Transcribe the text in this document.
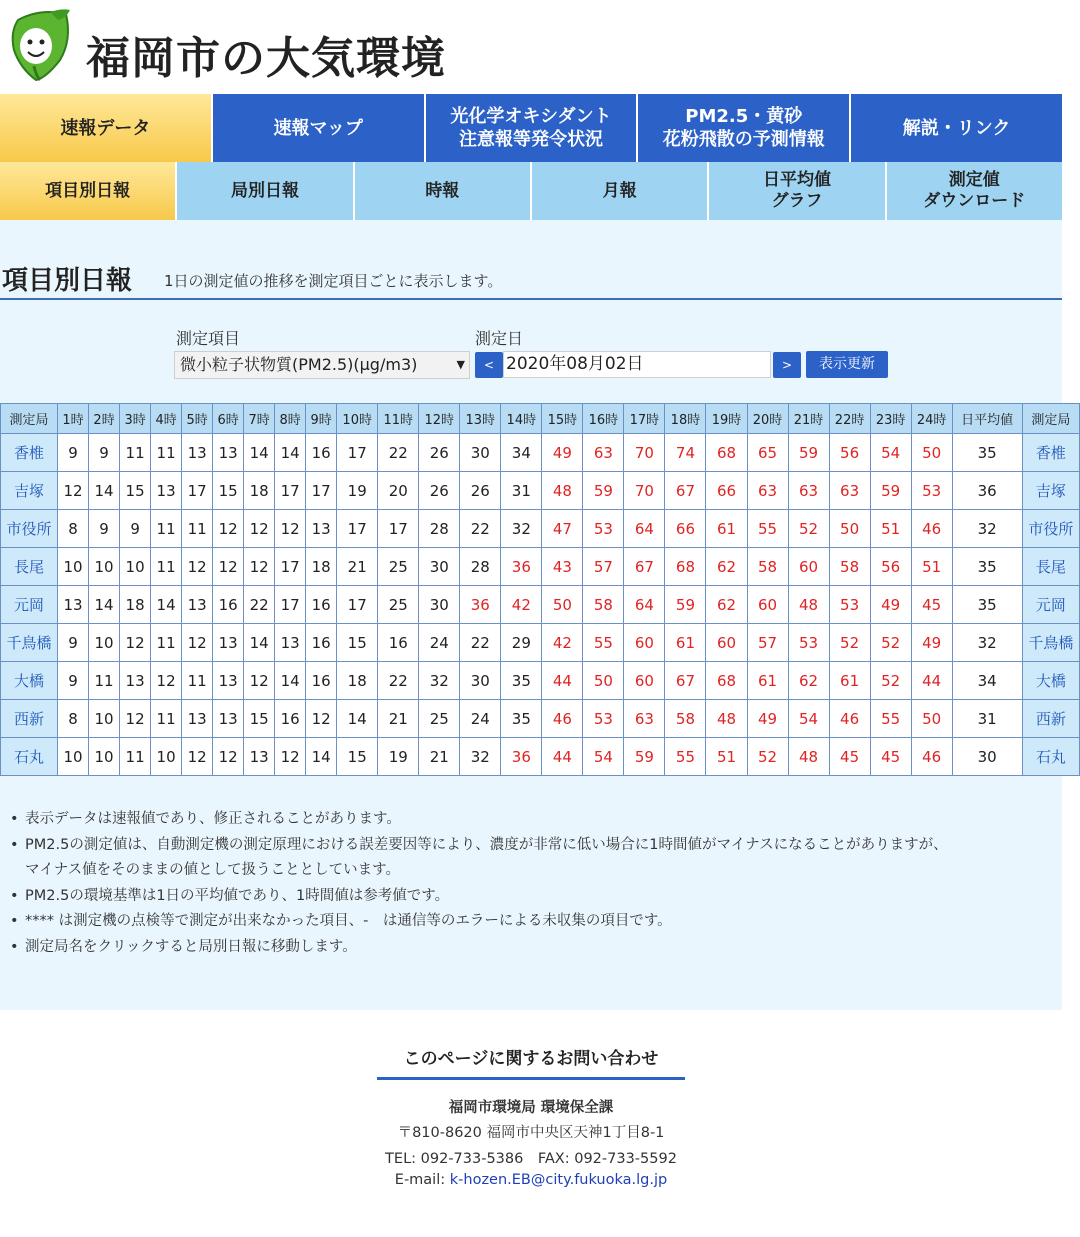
福岡市の大気環境
速報データ	速報マップ
光化学オキシダント
注意報等発令状況
PM2.5・黄砂
花粉飛散の予測情報
解説・リンク
項目別日報	局別日報	時報	月報
日平均値
グラフ
測定値
ダウンロード
項目別日報 1日の測定値の推移を測定項目ごとに表示します。
測定項目	測定日
微小粒子状物質(PM2.5)(μg/m3)	▼	< 2020年08月02日	>	表示更新
• 表示データは速報値であり、修正されることがあります。
• PM2.5の測定値は、自動測定機の測定原理における誤差要因等により、濃度が非常に低い場合に1時間値がマイナスになることがありますが、
マイナス値をそのままの値として扱うこととしています。
• PM2.5の環境基準は1日の平均値であり、1時間値は参考値です。
• **** は測定機の点検等で測定が出来なかった項目、-　は通信等のエラーによる未収集の項目です。
• 測定局名をクリックすると局別日報に移動します。
測定局	1時	2時	3時	4時	5時	6時	7時	8時	9時	10時	11時	12時	13時	14時	15時	16時	17時	18時	19時	20時	21時	22時	23時	24時	日平均値	測定局
香椎	9	9	11	11	13	13	14	14	16	17	22	26	30	34	49	63	70	74	68	65	59	56	54	50	35	香椎
吉塚	12	14	15	13	17	15	18	17	17	19	20	26	26	31	48	59	70	67	66	63	63	63	59	53	36	吉塚
市役所	8	9	9	11	11	12	12	12	13	17	17	28	22	32	47	53	64	66	61	55	52	50	51	46	32	市役所
長尾	10	10	10	11	12	12	12	17	18	21	25	30	28	36	43	57	67	68	62	58	60	58	56	51	35	長尾
元岡	13	14	18	14	13	16	22	17	16	17	25	30	36	42	50	58	64	59	62	60	48	53	49	45	35	元岡
千鳥橋	9	10	12	11	12	13	14	13	16	15	16	24	22	29	42	55	60	61	60	57	53	52	52	49	32	千鳥橋
大橋	9	11	13	12	11	13	12	14	16	18	22	32	30	35	44	50	60	67	68	61	62	61	52	44	34	大橋
西新	8	10	12	11	13	13	15	16	12	14	21	25	24	35	46	53	63	58	48	49	54	46	55	50	31	西新
石丸	10	10	11	10	12	12	13	12	14	15	19	21	32	36	44	54	59	55	51	52	48	45	45	46	30	石丸
このページに関するお問い合わせ
福岡市環境局 環境保全課
〒810-8620 福岡市中央区天神1丁目8-1
TEL: 092-733-5386　FAX: 092-733-5592
E-mail: k-hozen.EB@city.fukuoka.lg.jp
